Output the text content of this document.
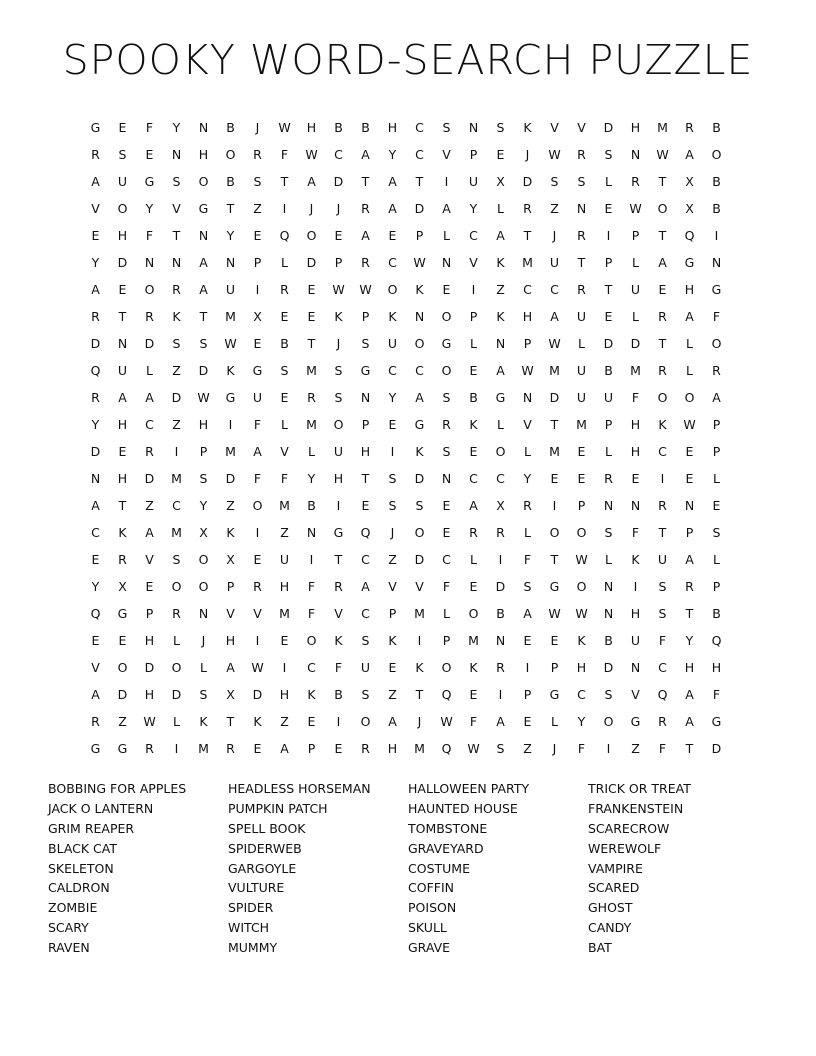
SPOOKY WORD-SEARCH PUZZLE
G	E	F	Y	N	B	J	W	H	B	B	H	C	S	N	S	K	V	V	D	H	M	R	B
R	S	E	N	H	O	R	F	W	C	A	Y	C	V	P	E	J	W	R	S	N	W	A	O
A	U	G	S	O	B	S	T	A	D	T	A	T	I	U	X	D	S	S	L	R	T	X	B
V	O	Y	V	G	T	Z	I	J	J	R	A	D	A	Y	L	R	Z	N	E	W	O	X	B
E	H	F	T	N	Y	E	Q	O	E	A	E	P	L	C	A	T	J	R	I	P	T	Q	I
Y	D	N	N	A	N	P	L	D	P	R	C	W	N	V	K	M	U	T	P	L	A	G	N
A	E	O	R	A	U	I	R	E	W	W	O	K	E	I	Z	C	C	R	T	U	E	H	G
R	T	R	K	T	M	X	E	E	K	P	K	N	O	P	K	H	A	U	E	L	R	A	F
D	N	D	S	S	W	E	B	T	J	S	U	O	G	L	N	P	W	L	D	D	T	L	O
Q	U	L	Z	D	K	G	S	M	S	G	C	C	O	E	A	W	M	U	B	M	R	L	R
R	A	A	D	W	G	U	E	R	S	N	Y	A	S	B	G	N	D	U	U	F	O	O	A
Y	H	C	Z	H	I	F	L	M	O	P	E	G	R	K	L	V	T	M	P	H	K	W	P
D	E	R	I	P	M	A	V	L	U	H	I	K	S	E	O	L	M	E	L	H	C	E	P
N	H	D	M	S	D	F	F	Y	H	T	S	D	N	C	C	Y	E	E	R	E	I	E	L
A	T	Z	C	Y	Z	O	M	B	I	E	S	S	E	A	X	R	I	P	N	N	R	N	E
C	K	A	M	X	K	I	Z	N	G	Q	J	O	E	R	R	L	O	O	S	F	T	P	S
E	R	V	S	O	X	E	U	I	T	C	Z	D	C	L	I	F	T	W	L	K	U	A	L
Y	X	E	O	O	P	R	H	F	R	A	V	V	F	E	D	S	G	O	N	I	S	R	P
Q	G	P	R	N	V	V	M	F	V	C	P	M	L	O	B	A	W	W	N	H	S	T	B
E	E	H	L	J	H	I	E	O	K	S	K	I	P	M	N	E	E	K	B	U	F	Y	Q
V	O	D	O	L	A	W	I	C	F	U	E	K	O	K	R	I	P	H	D	N	C	H	H
A	D	H	D	S	X	D	H	K	B	S	Z	T	Q	E	I	P	G	C	S	V	Q	A	F
R	Z	W	L	K	T	K	Z	E	I	O	A	J	W	F	A	E	L	Y	O	G	R	A	G
G	G	R	I	M	R	E	A	P	E	R	H	M	Q	W	S	Z	J	F	I	Z	F	T	D
BOBBING FOR APPLES
JACK O LANTERN
GRIM REAPER
BLACK CAT
SKELETON
CALDRON
ZOMBIE
SCARY
RAVEN
HEADLESS HORSEMAN
PUMPKIN PATCH
SPELL BOOK
SPIDERWEB
GARGOYLE
VULTURE
SPIDER
WITCH
MUMMY
HALLOWEEN PARTY
HAUNTED HOUSE
TOMBSTONE
GRAVEYARD
COSTUME
COFFIN
POISON
SKULL
GRAVE
TRICK OR TREAT
FRANKENSTEIN
SCARECROW
WEREWOLF
VAMPIRE
SCARED
GHOST
CANDY
BAT
